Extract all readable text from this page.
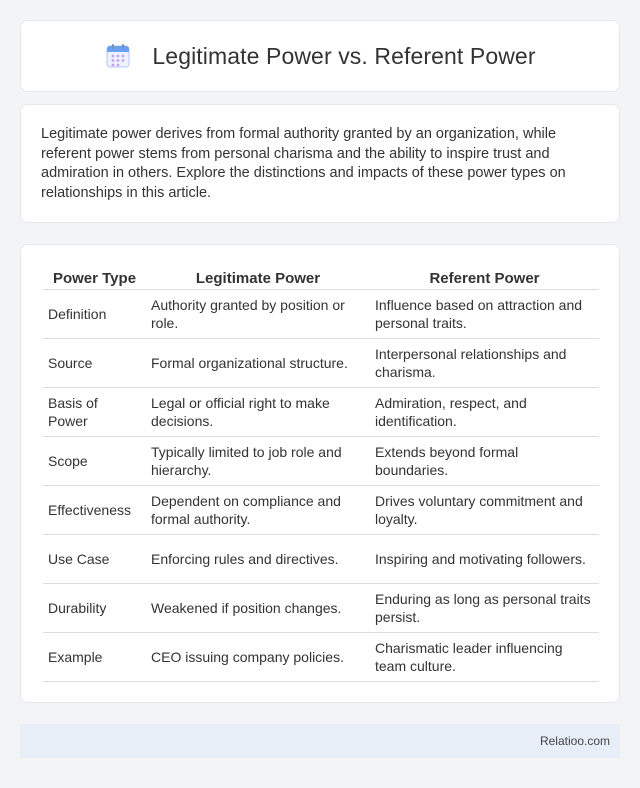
Legitimate Power vs. Referent Power

Legitimate power derives from formal authority granted by an organization, while referent power stems from personal charisma and the ability to inspire trust and admiration in others. Explore the distinctions and impacts of these power types on relationships in this article.

Power Type	Legitimate Power	Referent Power
Definition	Authority granted by position or role.	Influence based on attraction and personal traits.
Source	Formal organizational structure.	Interpersonal relationships and charisma.
Basis of Power	Legal or official right to make decisions.	Admiration, respect, and identification.
Scope	Typically limited to job role and hierarchy.	Extends beyond formal boundaries.
Effectiveness	Dependent on compliance and formal authority.	Drives voluntary commitment and loyalty.
Use Case	Enforcing rules and directives.	Inspiring and motivating followers.
Durability	Weakened if position changes.	Enduring as long as personal traits persist.
Example	CEO issuing company policies.	Charismatic leader influencing team culture.
Relatioo.com
